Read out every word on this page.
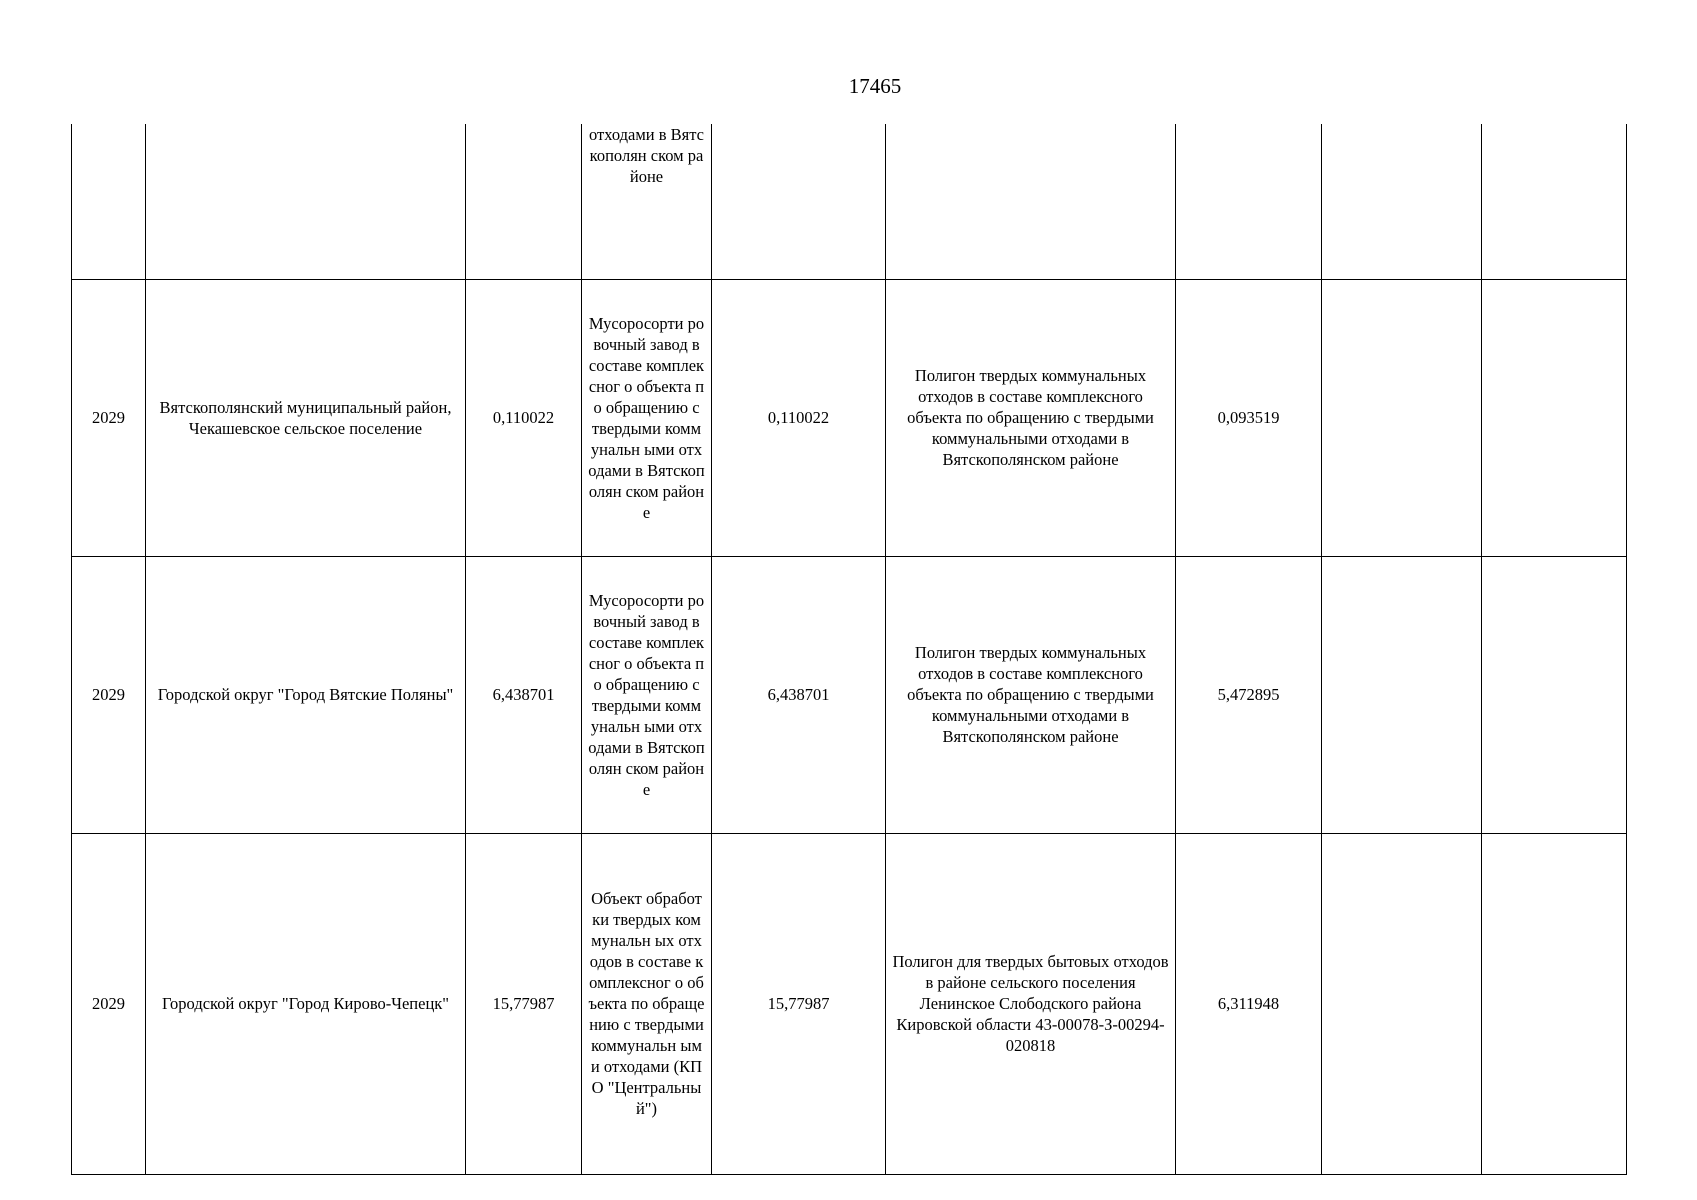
17465

			отходами в Вятскополян ском районе					

2029	Вятскополянский муниципальный район, Чекашевское сельское поселение	0,110022	Мусоросорти ровочный завод в составе комплексног о объекта по обращению с твердыми коммунальн ыми отходами в Вятскополян ском районе	0,110022	Полигон твердых коммунальных отходов в составе комплексного объекта по обращению с твердыми коммунальными отходами в Вятскополянском районе	0,093519		
2029	Городской округ "Город Вятские Поляны"	6,438701	Мусоросорти ровочный завод в составе комплексног о объекта по обращению с твердыми коммунальн ыми отходами в Вятскополян ском районе	6,438701	Полигон твердых коммунальных отходов в составе комплексного объекта по обращению с твердыми коммунальными отходами в Вятскополянском районе	5,472895		
2029	Городской округ "Город Кирово-Чепецк"	15,77987	Объект обработки твердых коммунальн ых отходов в составе комплексног о объекта по обращению с твердыми коммунальн ыми отходами (КПО "Центральны й")	15,77987	Полигон для твердых бытовых отходов в районе сельского поселения Ленинское Слободского района Кировской области 43-00078-З-00294-020818	6,311948		
